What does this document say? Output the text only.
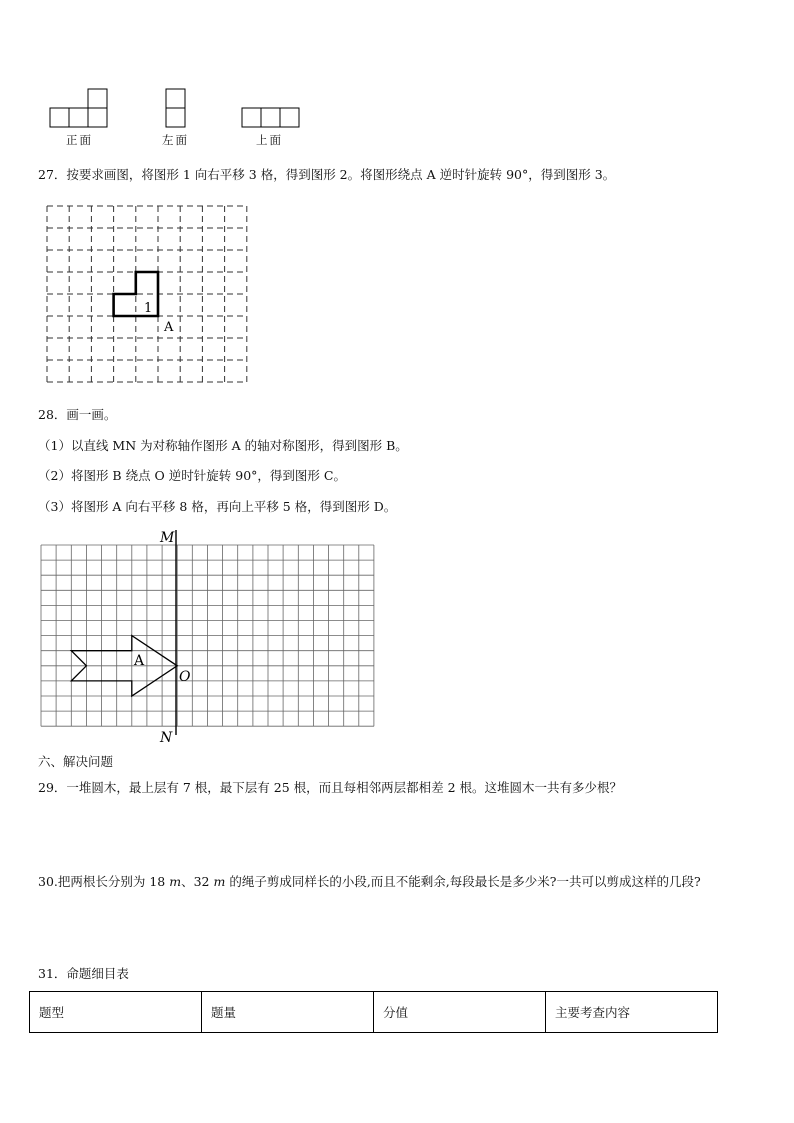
正面	左面	上面
27．按要求画图，将图形 1 向右平移 3 格，得到图形 2。将图形绕点 A 逆时针旋转 90°，得到图形 3。
1
A
28．画一画。
（1）以直线 MN 为对称轴作图形 A 的轴对称图形，得到图形 B。
（2）将图形 B 绕点 O 逆时针旋转 90°，得到图形 C。
（3）将图形 A 向右平移 8 格，再向上平移 5 格，得到图形 D。
A
M
O
N
六、解决问题
29．一堆圆木，最上层有 7 根，最下层有 25 根，而且每相邻两层都相差 2 根。这堆圆木一共有多少根？
30.把两根长分别为 18 m、32 m 的绳子剪成同样长的小段,而且不能剩余,每段最长是多少米?一共可以剪成这样的几段?
31．命题细目表
题型	题量	分值	主要考查内容
